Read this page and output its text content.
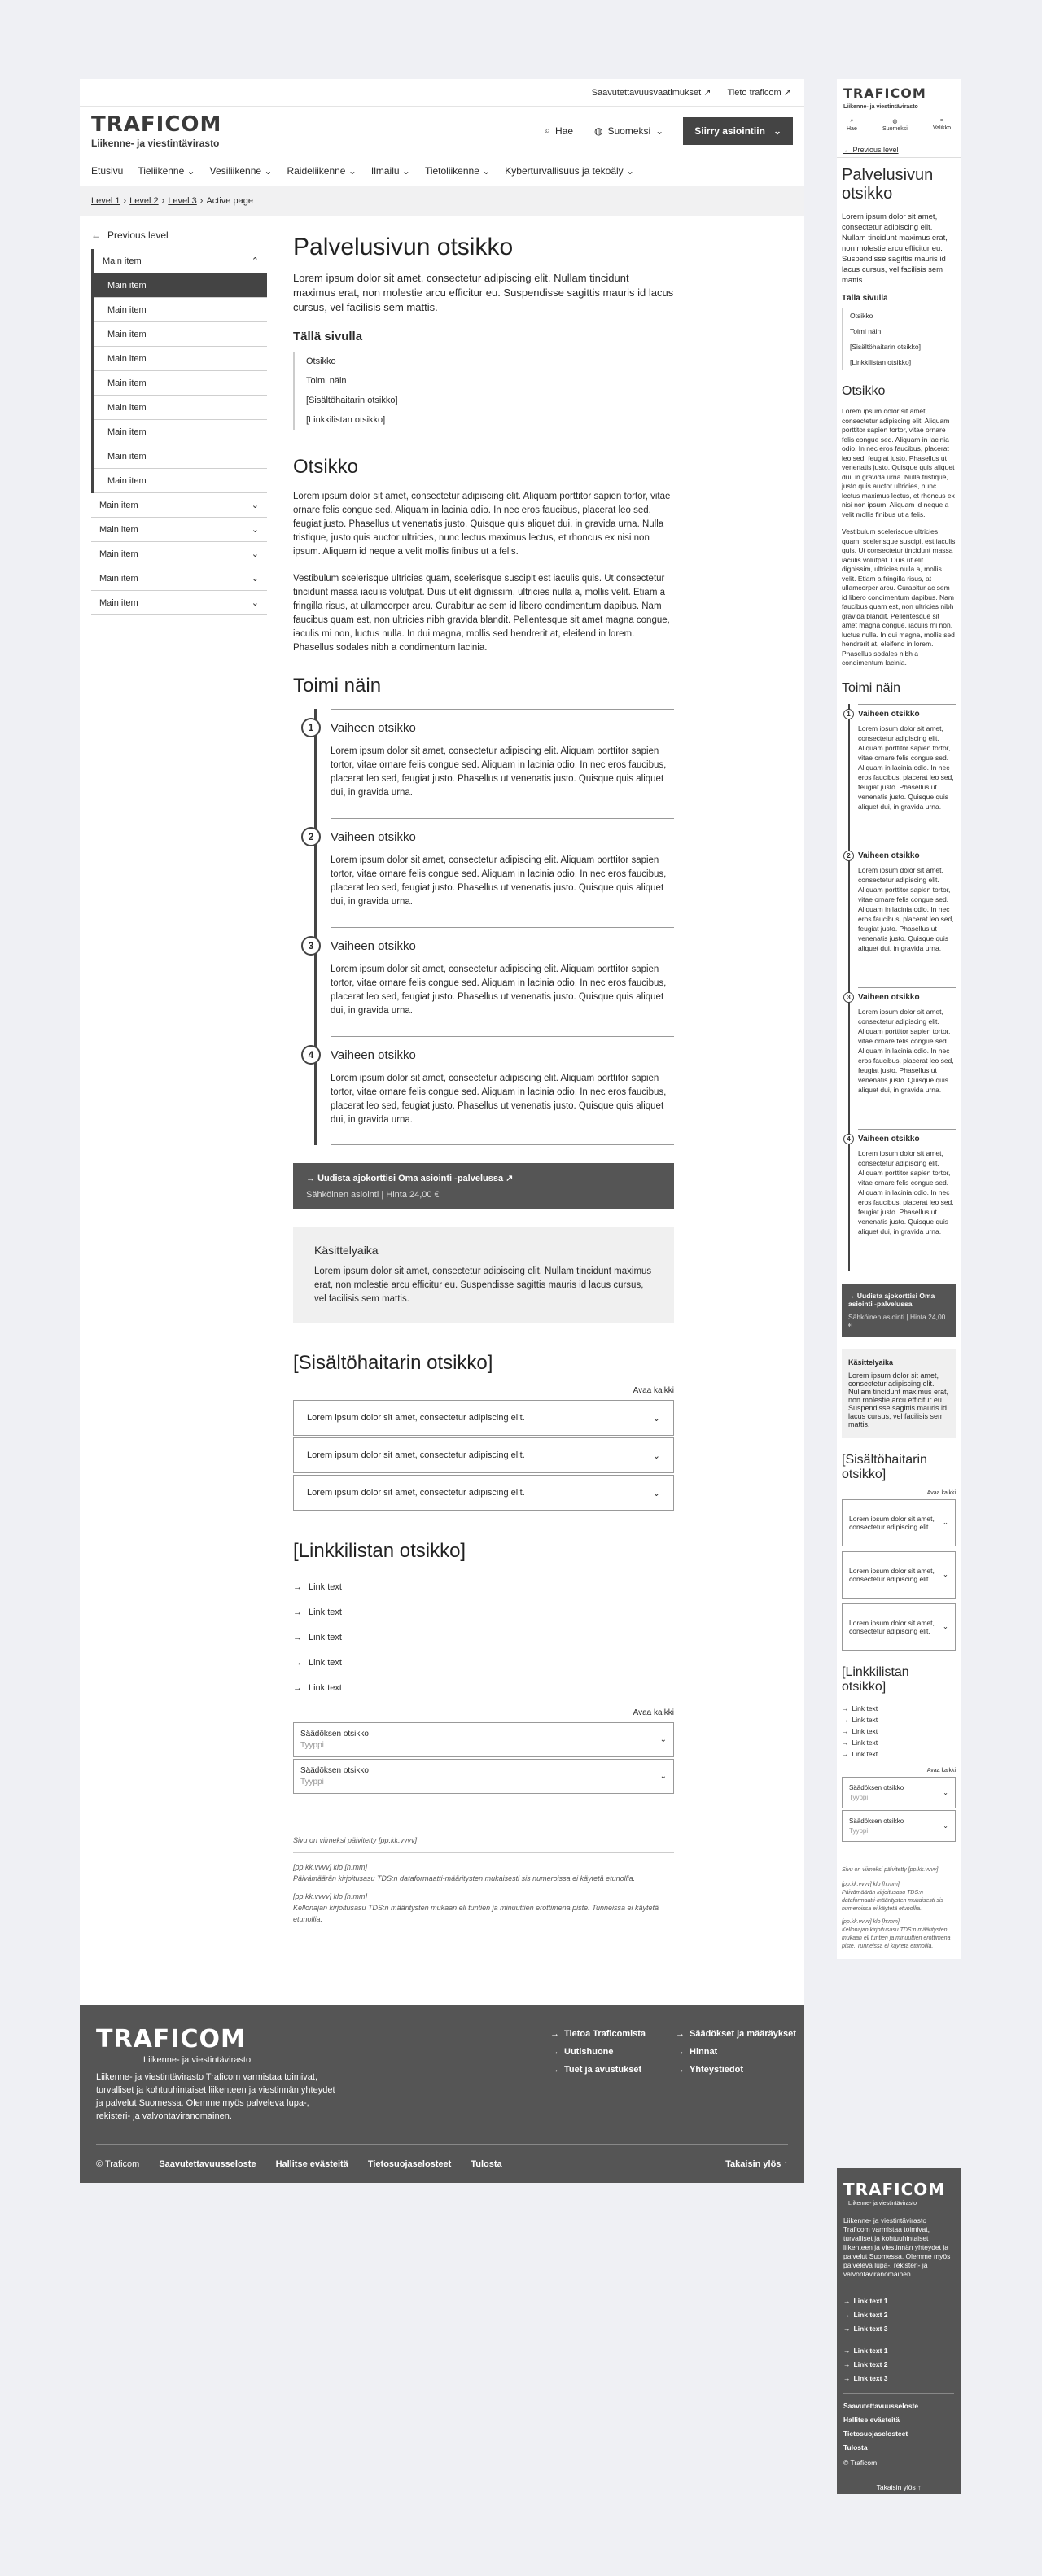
Saavutettavuusvaatimukset ↗ Tieto traficom ↗
TRAFICOM
Liikenne- ja viestintävirasto
⌕ Hae ◍ Suomeksi ⌄	Siirry asiointiin ⌄
Etusivu Tieliikenne ⌄ Vesiliikenne ⌄ Raideliikenne ⌄ Ilmailu ⌄ Tietoliikenne ⌄ Kyberturvallisuus ja tekoäly ⌄
Level 1 › Level 2 › Level 3 › Active page
← Previous level
Main item	⌃
Main item
Main item
Main item
Main item
Main item
Main item
Main item
Main item
Main item
Main item	⌄
Main item	⌄
Main item	⌄
Main item	⌄
Main item	⌄
Palvelusivun otsikko

Lorem ipsum dolor sit amet, consectetur adipiscing elit. Nullam tincidunt maximus erat, non molestie arcu efficitur eu. Suspendisse sagittis mauris id lacus cursus, vel facilisis sem mattis.

Tällä sivulla
Otsikko
Toimi näin
[Sisältöhaitarin otsikko]
[Linkkilistan otsikko]
Otsikko

Lorem ipsum dolor sit amet, consectetur adipiscing elit. Aliquam porttitor sapien tortor, vitae ornare felis congue sed. Aliquam in lacinia odio. In nec eros faucibus, placerat leo sed, feugiat justo. Phasellus ut venenatis justo. Quisque quis aliquet dui, in gravida urna. Nulla tristique, justo quis auctor ultricies, nunc lectus maximus lectus, et rhoncus ex nisi non ipsum. Aliquam id neque a velit mollis finibus ut a felis.

Vestibulum scelerisque ultricies quam, scelerisque suscipit est iaculis quis. Ut consectetur tincidunt massa iaculis volutpat. Duis ut elit dignissim, ultricies nulla a, mollis velit. Etiam a fringilla risus, at ullamcorper arcu. Curabitur ac sem id libero condimentum dapibus. Nam faucibus quam est, non ultricies nibh gravida blandit. Pellentesque sit amet magna congue, iaculis mi non, luctus nulla. In dui magna, mollis sed hendrerit at, eleifend in lorem. Phasellus sodales nibh a condimentum lacinia.

Toimi näin
1	Vaiheen otsikko
Lorem ipsum dolor sit amet, consectetur adipiscing elit. Aliquam porttitor sapien tortor, vitae ornare felis congue sed. Aliquam in lacinia odio. In nec eros faucibus, placerat leo sed, feugiat justo. Phasellus ut venenatis justo. Quisque quis aliquet dui, in gravida urna.
2	Vaiheen otsikko
Lorem ipsum dolor sit amet, consectetur adipiscing elit. Aliquam porttitor sapien tortor, vitae ornare felis congue sed. Aliquam in lacinia odio. In nec eros faucibus, placerat leo sed, feugiat justo. Phasellus ut venenatis justo. Quisque quis aliquet dui, in gravida urna.
3	Vaiheen otsikko
Lorem ipsum dolor sit amet, consectetur adipiscing elit. Aliquam porttitor sapien tortor, vitae ornare felis congue sed. Aliquam in lacinia odio. In nec eros faucibus, placerat leo sed, feugiat justo. Phasellus ut venenatis justo. Quisque quis aliquet dui, in gravida urna.
4	Vaiheen otsikko
Lorem ipsum dolor sit amet, consectetur adipiscing elit. Aliquam porttitor sapien tortor, vitae ornare felis congue sed. Aliquam in lacinia odio. In nec eros faucibus, placerat leo sed, feugiat justo. Phasellus ut venenatis justo. Quisque quis aliquet dui, in gravida urna.
→ Uudista ajokorttisi Oma asiointi -palvelussa ↗
Sähköinen asiointi | Hinta 24,00 €
Käsittelyaika
Lorem ipsum dolor sit amet, consectetur adipiscing elit. Nullam tincidunt maximus erat, non molestie arcu efficitur eu. Suspendisse sagittis mauris id lacus cursus, vel facilisis sem mattis.
[Sisältöhaitarin otsikko]
Avaa kaikki
Lorem ipsum dolor sit amet, consectetur adipiscing elit.	⌄
Lorem ipsum dolor sit amet, consectetur adipiscing elit.	⌄
Lorem ipsum dolor sit amet, consectetur adipiscing elit.	⌄
[Linkkilistan otsikko]
→ Link text
→ Link text
→ Link text
→ Link text
→ Link text
Avaa kaikki
Säädöksen otsikko
Tyyppi
⌄
Säädöksen otsikko
Tyyppi
⌄
Sivu on viimeksi päivitetty [pp.kk.vvvv]
[pp.kk.vvvv] klo [h:mm]
Päivämäärän kirjoitusasu TDS:n dataformaatti-määritysten mukaisesti sis numeroissa ei käytetä etunollia.
[pp.kk.vvvv] klo [h:mm]
Kellonajan kirjoitusasu TDS:n määritysten mukaan eli tuntien ja minuuttien erottimena piste. Tunneissa ei käytetä etunollia.
TRAFICOM
Liikenne- ja viestintävirasto
Liikenne- ja viestintävirasto Traficom varmistaa toimivat, turvalliset ja kohtuuhintaiset liikenteen ja viestinnän yhteydet ja palvelut Suomessa. Olemme myös palveleva lupa-, rekisteri- ja valvontaviranomainen.
→ Tietoa Traficomista
→ Uutishuone
→ Tuet ja avustukset
→ Säädökset ja määräykset
→ Hinnat
→ Yhteystiedot
© Traficom Saavutettavuusseloste Hallitse evästeitä Tietosuojaselosteet Tulosta	Takaisin ylös ↑
TRAFICOM
Liikenne- ja viestintävirasto
⌕
Hae
◍
Suomeksi
≡
Valikko
← Previous level
Palvelusivun otsikko

Lorem ipsum dolor sit amet, consectetur adipiscing elit. Nullam tincidunt maximus erat, non molestie arcu efficitur eu. Suspendisse sagittis mauris id lacus cursus, vel facilisis sem mattis.

Tällä sivulla
Otsikko
Toimi näin
[Sisältöhaitarin otsikko]
[Linkkilistan otsikko]
Otsikko

Lorem ipsum dolor sit amet, consectetur adipiscing elit. Aliquam porttitor sapien tortor, vitae ornare felis congue sed. Aliquam in lacinia odio. In nec eros faucibus, placerat leo sed, feugiat justo. Phasellus ut venenatis justo. Quisque quis aliquet dui, in gravida urna. Nulla tristique, justo quis auctor ultricies, nunc lectus maximus lectus, et rhoncus ex nisi non ipsum. Aliquam id neque a velit mollis finibus ut a felis.

Vestibulum scelerisque ultricies quam, scelerisque suscipit est iaculis quis. Ut consectetur tincidunt massa iaculis volutpat. Duis ut elit dignissim, ultricies nulla a, mollis velit. Etiam a fringilla risus, at ullamcorper arcu. Curabitur ac sem id libero condimentum dapibus. Nam faucibus quam est, non ultricies nibh gravida blandit. Pellentesque sit amet magna congue, iaculis mi non, luctus nulla. In dui magna, mollis sed hendrerit at, eleifend in lorem. Phasellus sodales nibh a condimentum lacinia.

Toimi näin
1 Vaiheen otsikko
Lorem ipsum dolor sit amet, consectetur adipiscing elit. Aliquam porttitor sapien tortor, vitae ornare felis congue sed. Aliquam in lacinia odio. In nec eros faucibus, placerat leo sed, feugiat justo. Phasellus ut venenatis justo. Quisque quis aliquet dui, in gravida urna.
2 Vaiheen otsikko
Lorem ipsum dolor sit amet, consectetur adipiscing elit. Aliquam porttitor sapien tortor, vitae ornare felis congue sed. Aliquam in lacinia odio. In nec eros faucibus, placerat leo sed, feugiat justo. Phasellus ut venenatis justo. Quisque quis aliquet dui, in gravida urna.
3 Vaiheen otsikko
Lorem ipsum dolor sit amet, consectetur adipiscing elit. Aliquam porttitor sapien tortor, vitae ornare felis congue sed. Aliquam in lacinia odio. In nec eros faucibus, placerat leo sed, feugiat justo. Phasellus ut venenatis justo. Quisque quis aliquet dui, in gravida urna.
4 Vaiheen otsikko
Lorem ipsum dolor sit amet, consectetur adipiscing elit. Aliquam porttitor sapien tortor, vitae ornare felis congue sed. Aliquam in lacinia odio. In nec eros faucibus, placerat leo sed, feugiat justo. Phasellus ut venenatis justo. Quisque quis aliquet dui, in gravida urna.
→ Uudista ajokorttisi Oma asiointi -palvelussa
Sähköinen asiointi | Hinta 24,00 €
Käsittelyaika
Lorem ipsum dolor sit amet, consectetur adipiscing elit. Nullam tincidunt maximus erat, non molestie arcu efficitur eu. Suspendisse sagittis mauris id lacus cursus, vel facilisis sem mattis.
[Sisältöhaitarin otsikko]
Avaa kaikki
Lorem ipsum dolor sit amet, consectetur adipiscing elit.
⌄
Lorem ipsum dolor sit amet, consectetur adipiscing elit.
⌄
Lorem ipsum dolor sit amet, consectetur adipiscing elit.
⌄
[Linkkilistan otsikko]
→ Link text
→ Link text
→ Link text
→ Link text
→ Link text
Avaa kaikki
Säädöksen otsikko
Tyyppi
⌄
Säädöksen otsikko
Tyyppi
⌄
Sivu on viimeksi päivitetty [pp.kk.vvvv]
[pp.kk.vvvv] klo [h:mm]
Päivämäärän kirjoitusasu TDS:n dataformaatti-määritysten mukaisesti sis numeroissa ei käytetä etunollia.
[pp.kk.vvvv] klo [h:mm]
Kellonajan kirjoitusasu TDS:n määritysten mukaan eli tuntien ja minuuttien erottimena piste. Tunneissa ei käytetä etunollia.
TRAFICOM
Liikenne- ja viestintävirasto
Liikenne- ja viestintävirasto Traficom varmistaa toimivat, turvalliset ja kohtuuhintaiset liikenteen ja viestinnän yhteydet ja palvelut Suomessa. Olemme myös palveleva lupa-, rekisteri- ja valvontaviranomainen.
→ Link text 1
→ Link text 2
→ Link text 3
→ Link text 1
→ Link text 2
→ Link text 3
Saavutettavuusseloste
Hallitse evästeitä
Tietosuojaselosteet
Tulosta
© Traficom
Takaisin ylös ↑
